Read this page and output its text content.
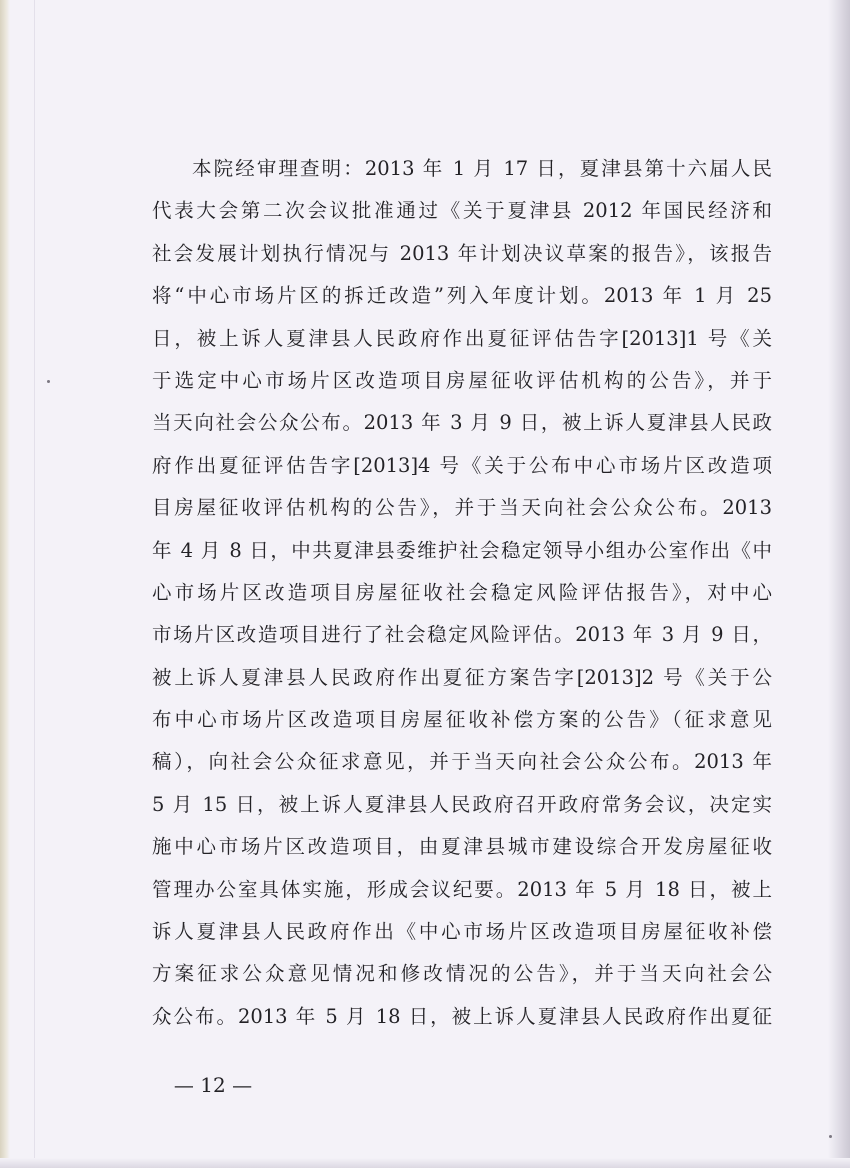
本院经审理查明：2013 年 1 月 17 日，夏津县第十六届人民
代表大会第二次会议批准通过《关于夏津县 2012 年国民经济和
社会发展计划执行情况与 2013 年计划决议草案的报告》，该报告
将“中心市场片区的拆迁改造”列入年度计划。2013 年 1 月 25
日，被上诉人夏津县人民政府作出夏征评估告字[2013]1 号《关
于选定中心市场片区改造项目房屋征收评估机构的公告》，并于
当天向社会公众公布。2013 年 3 月 9 日，被上诉人夏津县人民政
府作出夏征评估告字[2013]4 号《关于公布中心市场片区改造项
目房屋征收评估机构的公告》，并于当天向社会公众公布。2013
年 4 月 8 日，中共夏津县委维护社会稳定领导小组办公室作出《中
心市场片区改造项目房屋征收社会稳定风险评估报告》，对中心
市场片区改造项目进行了社会稳定风险评估。2013 年 3 月 9 日，
被上诉人夏津县人民政府作出夏征方案告字[2013]2 号《关于公
布中心市场片区改造项目房屋征收补偿方案的公告》（征求意见
稿），向社会公众征求意见，并于当天向社会公众公布。2013 年
5 月 15 日，被上诉人夏津县人民政府召开政府常务会议，决定实
施中心市场片区改造项目，由夏津县城市建设综合开发房屋征收
管理办公室具体实施，形成会议纪要。2013 年 5 月 18 日，被上
诉人夏津县人民政府作出《中心市场片区改造项目房屋征收补偿
方案征求公众意见情况和修改情况的公告》，并于当天向社会公
众公布。2013 年 5 月 18 日，被上诉人夏津县人民政府作出夏征
— 12 —
